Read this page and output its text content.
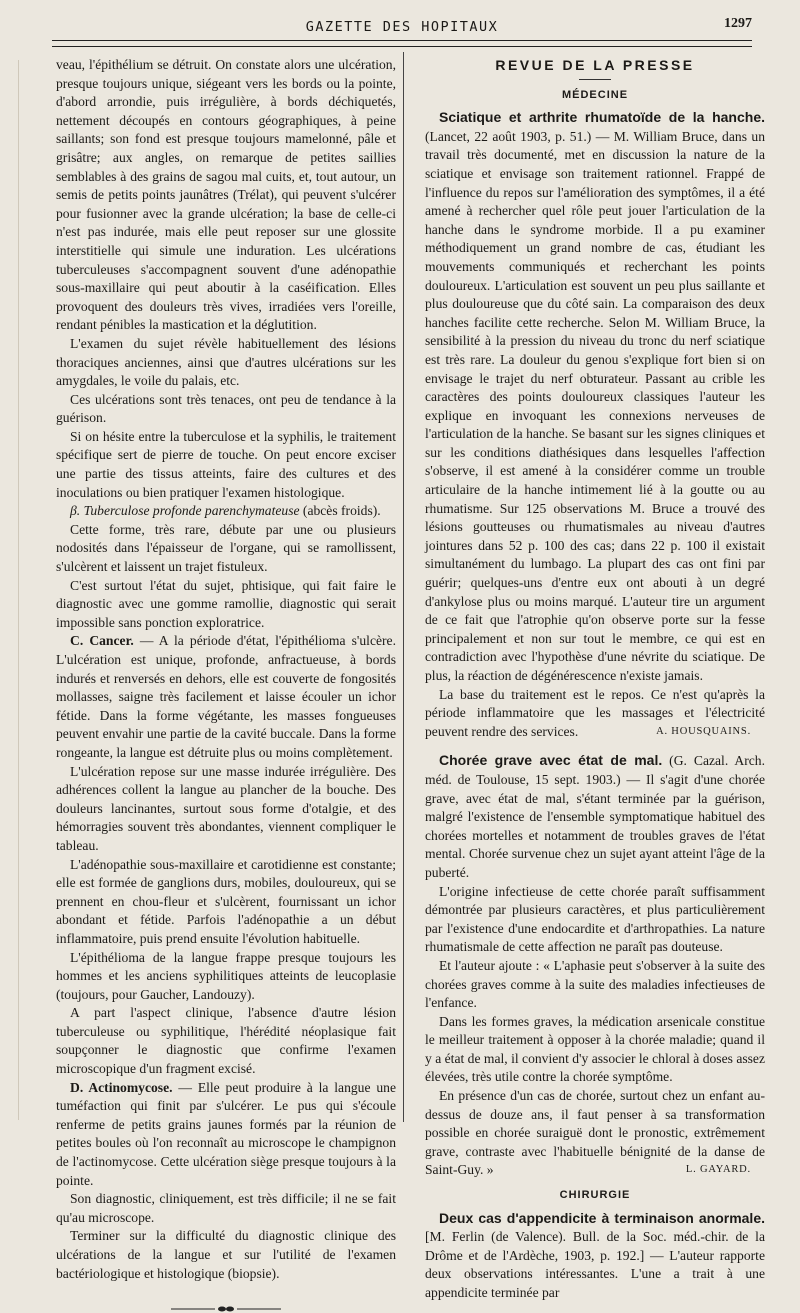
GAZETTE DES HOPITAUX	1297

veau, l'épithélium se détruit. On constate alors une ulcération, presque toujours unique, siégeant vers les bords ou la pointe, d'abord arrondie, puis irrégulière, à bords déchiquetés, nettement découpés en contours géographiques, à peine saillants; son fond est presque toujours mamelonné, pâle et grisâtre; aux angles, on remarque de petites saillies semblables à des grains de sagou mal cuits, et, tout autour, un semis de petits points jaunâtres (Trélat), qui peuvent s'ulcérer pour fusionner avec la grande ulcération; la base de celle-ci n'est pas indurée, mais elle peut reposer sur une glossite interstitielle qui simule une induration. Les ulcérations tuberculeuses s'accompagnent souvent d'une adénopathie sous-maxillaire qui peut aboutir à la caséification. Elles provoquent des douleurs très vives, irradiées vers l'oreille, rendant pénibles la mastication et la déglutition.

L'examen du sujet révèle habituellement des lésions thoraciques anciennes, ainsi que d'autres ulcérations sur les amygdales, le voile du palais, etc.

Ces ulcérations sont très tenaces, ont peu de tendance à la guérison.

Si on hésite entre la tuberculose et la syphilis, le traitement spécifique sert de pierre de touche. On peut encore exciser une partie des tissus atteints, faire des cultures et des inoculations ou bien pratiquer l'examen histologique.

β. Tuberculose profonde parenchymateuse (abcès froids).

Cette forme, très rare, débute par une ou plusieurs nodosités dans l'épaisseur de l'organe, qui se ramollissent, s'ulcèrent et laissent un trajet fistuleux.

C'est surtout l'état du sujet, phtisique, qui fait faire le diagnostic avec une gomme ramollie, diagnostic qui serait impossible sans ponction exploratrice.

C. Cancer. — A la période d'état, l'épithélioma s'ulcère. L'ulcération est unique, profonde, anfractueuse, à bords indurés et renversés en dehors, elle est couverte de fongosités mollasses, saigne très facilement et laisse écouler un ichor fétide. Dans la forme végétante, les masses fongueuses peuvent envahir une partie de la cavité buccale. Dans la forme rongeante, la langue est détruite plus ou moins complètement.

L'ulcération repose sur une masse indurée irrégulière. Des adhérences collent la langue au plancher de la bouche. Des douleurs lancinantes, surtout sous forme d'otalgie, et des hémorragies souvent très abondantes, viennent compliquer le tableau.

L'adénopathie sous-maxillaire et carotidienne est constante; elle est formée de ganglions durs, mobiles, douloureux, qui se prennent en chou-fleur et s'ulcèrent, fournissant un ichor abondant et fétide. Parfois l'adénopathie a un début inflammatoire, puis prend ensuite l'évolution habituelle.

L'épithélioma de la langue frappe presque toujours les hommes et les anciens syphilitiques atteints de leucoplasie (toujours, pour Gaucher, Landouzy).

A part l'aspect clinique, l'absence d'autre lésion tuberculeuse ou syphilitique, l'hérédité néoplasique fait soupçonner le diagnostic que confirme l'examen microscopique d'un fragment excisé.

D. Actinomycose. — Elle peut produire à la langue une tuméfaction qui finit par s'ulcérer. Le pus qui s'écoule renferme de petits grains jaunes formés par la réunion de petites boules où l'on reconnaît au microscope le champignon de l'actinomycose. Cette ulcération siège presque toujours à la pointe.

Son diagnostic, cliniquement, est très difficile; il ne se fait qu'au microscope.

Terminer sur la difficulté du diagnostic clinique des ulcérations de la langue et sur l'utilité de l'examen bactériologique et histologique (biopsie).

REVUE DE LA PRESSE
MÉDECINE

Sciatique et arthrite rhumatoïde de la hanche. (Lancet, 22 août 1903, p. 51.) — M. William Bruce, dans un travail très documenté, met en discussion la nature de la sciatique et envisage son traitement rationnel. Frappé de l'influence du repos sur l'amélioration des symptômes, il a été amené à rechercher quel rôle peut jouer l'articulation de la hanche dans le syndrome morbide. Il a pu examiner méthodiquement un grand nombre de cas, étudiant les mouvements communiqués et recherchant les points douloureux. L'articulation est souvent un peu plus saillante et plus douloureuse que du côté sain. La comparaison des deux hanches facilite cette recherche. Selon M. William Bruce, la sensibilité à la pression du niveau du tronc du nerf sciatique est très rare. La douleur du genou s'explique fort bien si on envisage le trajet du nerf obturateur. Passant au crible les caractères des points douloureux classiques l'auteur les explique en invoquant les connexions nerveuses de l'articulation de la hanche. Se basant sur les signes cliniques et sur les conditions diathésiques dans lesquelles l'affection s'observe, il est amené à la considérer comme un trouble articulaire de la hanche intimement lié à la goutte ou au rhumatisme. Sur 125 observations M. Bruce a trouvé des lésions goutteuses ou rhumatismales au niveau d'autres jointures dans 52 p. 100 des cas; dans 22 p. 100 il existait simultanément du lumbago. La plupart des cas ont fini par guérir; quelques-uns d'entre eux ont abouti à un degré d'ankylose plus ou moins marqué. L'auteur tire un argument de ce fait que l'atrophie qu'on observe porte sur la fesse principalement et non sur tout le membre, ce qui est en contradiction avec l'hypothèse d'une névrite du sciatique. De plus, la réaction de dégénérescence n'existe jamais.

La base du traitement est le repos. Ce n'est qu'après la période inflammatoire que les massages et l'électricité peuvent rendre des services.	A. HOUSQUAINS.

Chorée grave avec état de mal. (G. Cazal. Arch. méd. de Toulouse, 15 sept. 1903.) — Il s'agit d'une chorée grave, avec état de mal, s'étant terminée par la guérison, malgré l'existence de l'ensemble symptomatique habituel des chorées mortelles et notamment de troubles graves de l'état mental. Chorée survenue chez un sujet ayant atteint l'âge de la puberté.

L'origine infectieuse de cette chorée paraît suffisamment démontrée par plusieurs caractères, et plus particulièrement par l'existence d'une endocardite et d'arthropathies. La nature rhumatismale de cette affection ne paraît pas douteuse.

Et l'auteur ajoute : « L'aphasie peut s'observer à la suite des chorées graves comme à la suite des maladies infectieuses de l'enfance.

Dans les formes graves, la médication arsenicale constitue le meilleur traitement à opposer à la chorée maladie; quand il y a état de mal, il convient d'y associer le chloral à doses assez élevées, très utile contre la chorée symptôme.

En présence d'un cas de chorée, surtout chez un enfant au-dessus de douze ans, il faut penser à sa transformation possible en chorée suraiguë dont le pronostic, extrêmement grave, contraste avec l'habituelle bénignité de la danse de Saint-Guy. »	L. GAYARD.

CHIRURGIE

Deux cas d'appendicite à terminaison anormale. [M. Ferlin (de Valence). Bull. de la Soc. méd.-chir. de la Drôme et de l'Ardèche, 1903, p. 192.] — L'auteur rapporte deux observations intéressantes. L'une a trait à une appendicite terminée par
